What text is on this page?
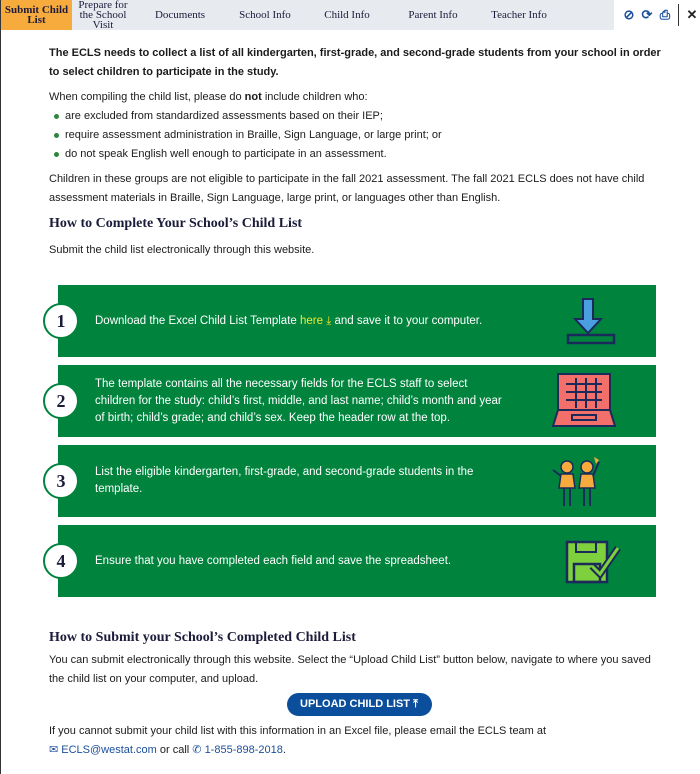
Submit Child List
Prepare for the School Visit
Documents	School Info	Child Info	Parent Info	Teacher Info	⊘ ⟳ ⎙ ✕

The ECLS needs to collect a list of all kindergarten, first-grade, and second-grade students from your school in order to select children to participate in the study.

When compiling the child list, please do not include children who:

are excluded from standardized assessments based on their IEP;
require assessment administration in Braille, Sign Language, or large print; or
do not speak English well enough to participate in an assessment.

Children in these groups are not eligible to participate in the fall 2021 assessment. The fall 2021 ECLS does not have child assessment materials in Braille, Sign Language, large print, or languages other than English.

How to Complete Your School’s Child List

Submit the child list electronically through this website.

1	Download the Excel Child List Template here ⤓ and save it to your computer.
2
The template contains all the necessary fields for the ECLS staff to select children for the study: child’s first, middle, and last name; child’s month and year of birth; child’s grade; and child’s sex. Keep the header row at the top.
3	List the eligible kindergarten, first-grade, and second-grade students in the template.
4	Ensure that you have completed each field and save the spreadsheet.
How to Submit your School’s Completed Child List

You can submit electronically through this website. Select the “Upload Child List” button below, navigate to where you saved the child list on your computer, and upload.

UPLOAD CHILD LIST ⤒

If you cannot submit your child list with this information in an Excel file, please email the ECLS team at

✉ ECLS@westat.com or call ✆ 1-855-898-2018.
